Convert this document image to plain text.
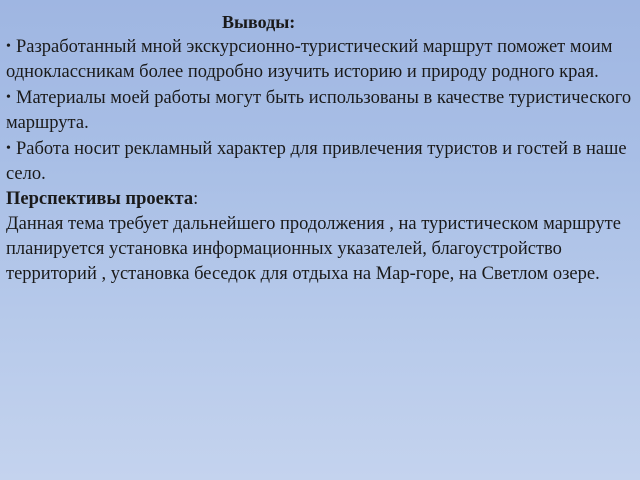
Выводы:

• Разработанный мной экскурсионно-туристический маршрут поможет моим одноклассникам более подробно изучить историю и природу родного края.
• Материалы моей работы могут быть использованы в качестве туристического маршрута.
• Работа носит рекламный характер для привлечения туристов и гостей в наше село.

Перспективы проекта:

Данная тема требует дальнейшего продолжения , на туристическом маршруте планируется установка информационных указателей, благоустройство территорий , установка беседок для отдыха на Мар-горе, на Светлом озере.
